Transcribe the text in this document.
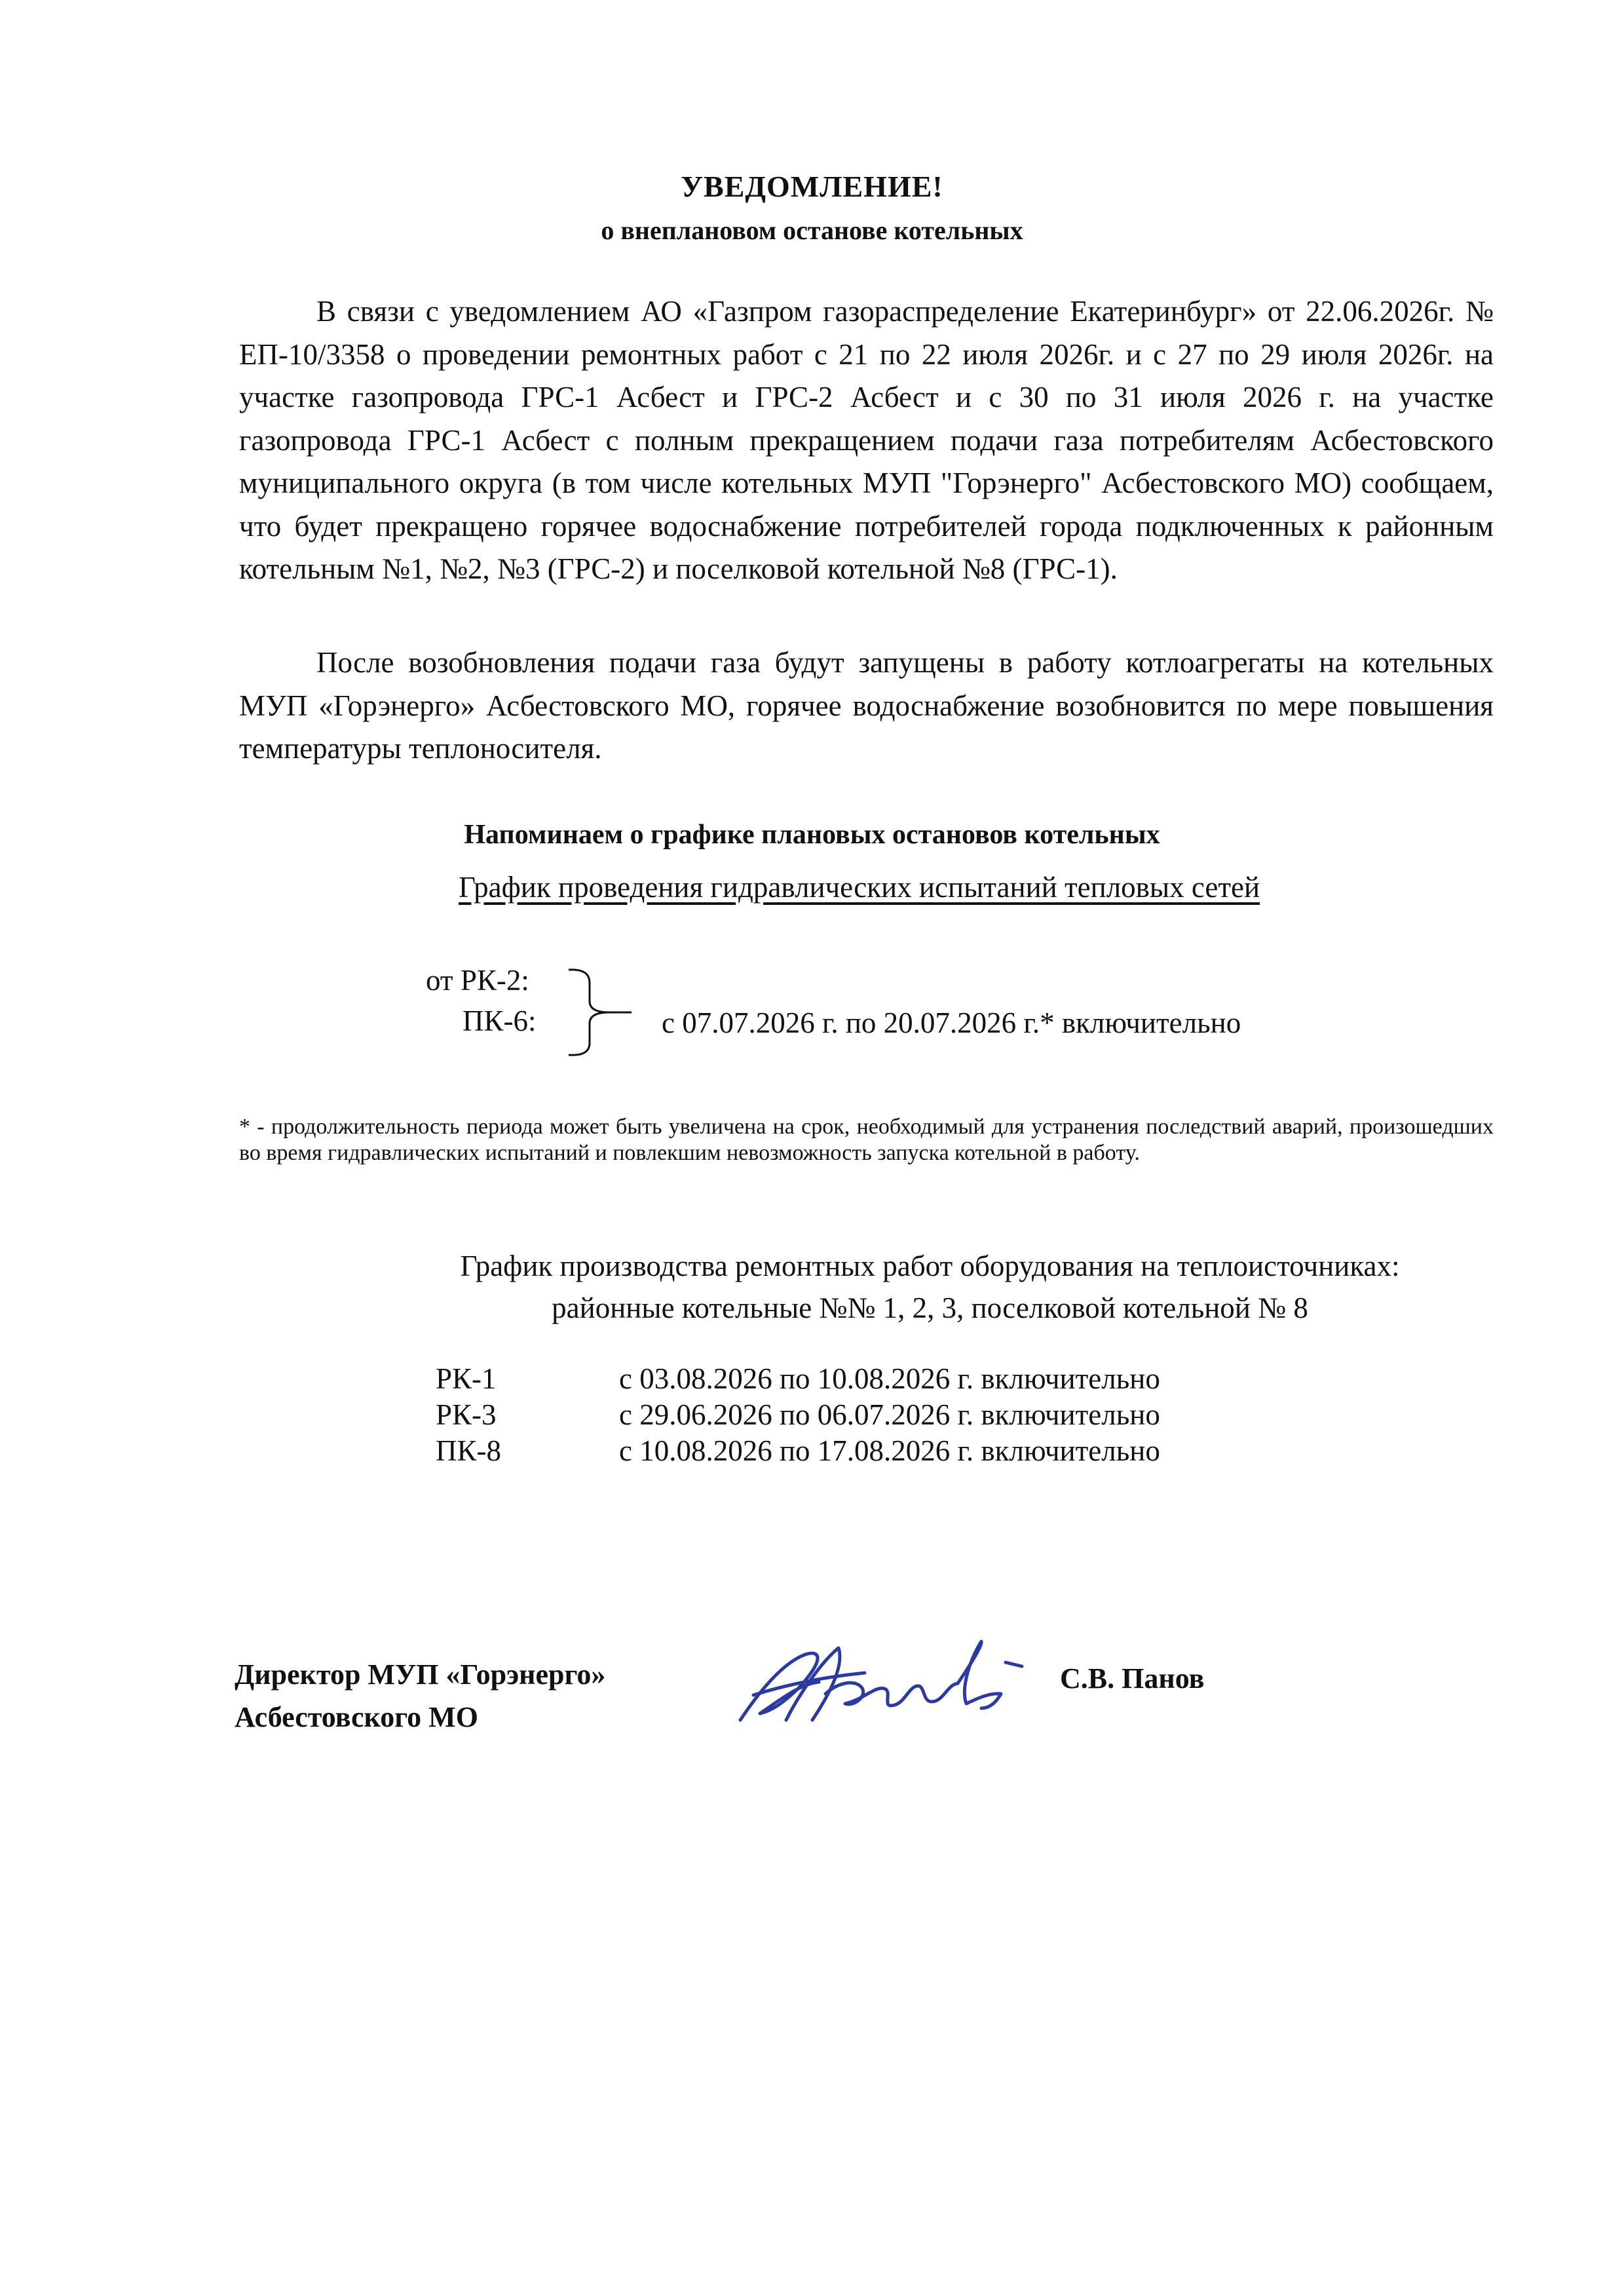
УВЕДОМЛЕНИЕ!
о внеплановом останове котельных

В связи с уведомлением АО «Газпром газораспределение Екатеринбург» от 22.06.2026г. № ЕП-10/3358 о проведении ремонтных работ с 21 по 22 июля 2026г. и с 27 по 29 июля 2026г. на участке газопровода ГРС-1 Асбест и ГРС-2 Асбест и с 30 по 31 июля 2026 г. на участке газопровода ГРС-1 Асбест с полным прекращением подачи газа потребителям Асбестовского муниципального округа (в том числе котельных МУП "Горэнерго" Асбестовского МО) сообщаем, что будет прекращено горячее водоснабжение потребителей города подключенных к районным котельным №1, №2, №3 (ГРС-2) и поселковой котельной №8 (ГРС-1).

После возобновления подачи газа будут запущены в работу котлоагрегаты на котельных МУП «Горэнерго» Асбестовского МО, горячее водоснабжение возобновится по мере повышения температуры теплоносителя.

Напоминаем о графике плановых остановов котельных
График проведения гидравлических испытаний тепловых сетей
от РК-2:
ПК-6:	с 07.07.2026 г. по 20.07.2026 г.* включительно

* - продолжительность периода может быть увеличена на срок, необходимый для устранения последствий аварий, произошедших во время гидравлических испытаний и повлекшим невозможность запуска котельной в работу.

График производства ремонтных работ оборудования на теплоисточниках:
районные котельные №№ 1, 2, 3, поселковой котельной № 8
РК-1	с 03.08.2026 по 10.08.2026 г. включительно
РК-3	с 29.06.2026 по 06.07.2026 г. включительно
ПК-8	с 10.08.2026 по 17.08.2026 г. включительно
Директор МУП «Горэнерго»
Асбестовского МО
С.В. Панов
